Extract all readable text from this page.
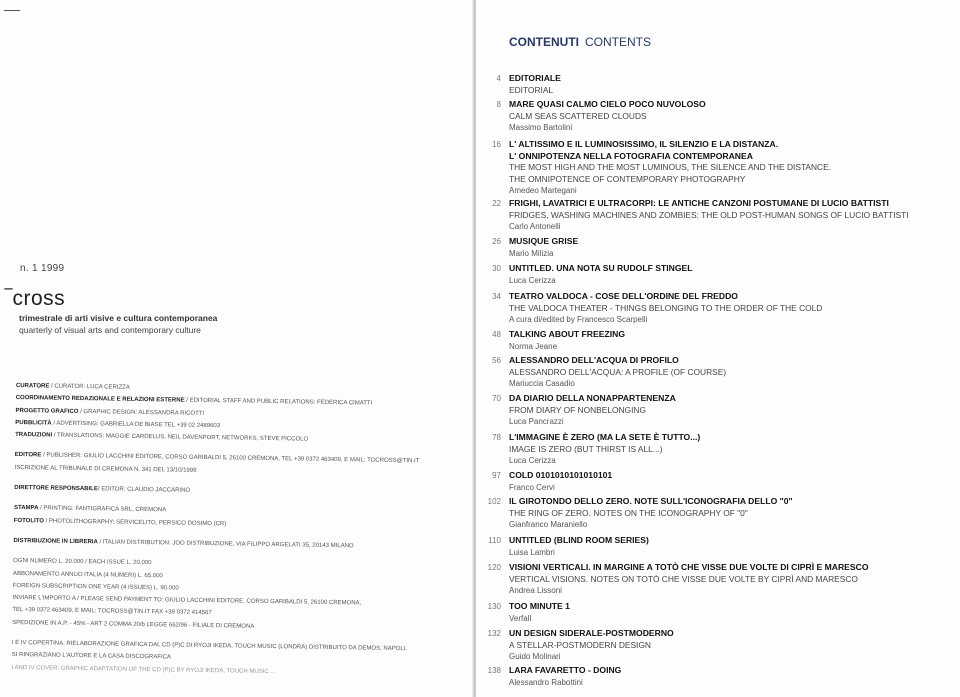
n. 1 1999
‾cross
trimestrale di arti visive e cultura contemporanea
quarterly of visual arts and contemporary culture
CURATORE / CURATOR: LUCA CERIZZA
COORDINAMENTO REDAZIONALE E RELAZIONI ESTERNE / EDITORIAL STAFF AND PUBLIC RELATIONS: FEDERICA CIMATTI
PROGETTO GRAFICO / GRAPHIC DESIGN: ALESSANDRA RICOTTI
PUBBLICITÀ / ADVERTISING: GABRIELLA DE BIASE TEL +39 02 2489603
TRADUZIONI / TRANSLATIONS: MAGGIE CARDELUS, NEIL DAVENPORT, NETWORKS, STEVE PICCOLO
EDITORE / PUBLISHER: GIULIO LACCHINI EDITORE, CORSO GARIBALDI 5, 26100 CREMONA, TEL +39 0372 463409, E MAIL: TOCROSS@TIN.IT
ISCRIZIONE AL TRIBUNALE DI CREMONA N. 341 DEL 13/10/1998
DIRETTORE RESPONSABILE/ EDITOR: CLAUDIO JACCARINO
STAMPA / PRINTING: FANTIGRAFICA SRL, CREMONA
FOTOLITO / PHOTOLITHOGRAPHY: SERVICELITO, PERSICO DOSIMO (CR)
DISTRIBUZIONE IN LIBRERIA / ITALIAN DISTRIBUTION: JOO DISTRIBUZIONE, VIA FILIPPO ARGELATI 35, 20143 MILANO
OGNI NUMERO L. 20.000 / EACH ISSUE L. 20.000
ABBONAMENTO ANNUO ITALIA (4 NUMERI) L. 65.000
FOREIGN SUBSCRIPTION ONE YEAR (4 ISSUES) L. 90.000
INVIARE L'IMPORTO A / PLEASE SEND PAYMENT TO: GIULIO LACCHINI EDITORE, CORSO GARIBALDI 5, 26100 CREMONA,
TEL +39 0372 463409, E MAIL: TOCROSS@TIN.IT FAX +39 0372 414567
SPEDIZIONE IN A.P. - 45% - ART 2 COMMA 20/b LEGGE 662/96 - FILIALE DI CREMONA
I E IV COPERTINA: RIELABORAZIONE GRAFICA DAL CD (P)C DI RYOJI IKEDA, TOUCH MUSIC (LONDRA) DISTRIBUITO DA DEMOS, NAPOLI.
SI RINGRAZIANO L'AUTORE E LA CASA DISCOGRAFICA
I AND IV COVER: GRAPHIC ADAPTATION OF THE CD (P)C BY RYOJI IKEDA, TOUCH MUSIC ...
CONTENUTI CONTENTS
4 EDITORIALE
EDITORIAL
8 MARE QUASI CALMO CIELO POCO NUVOLOSO
CALM SEAS SCATTERED CLOUDS
Massimo Bartolini
16 L' ALTISSIMO E IL LUMINOSISSIMO, IL SILENZIO E LA DISTANZA.
L' ONNIPOTENZA NELLA FOTOGRAFIA CONTEMPORANEA
THE MOST HIGH AND THE MOST LUMINOUS, THE SILENCE AND THE DISTANCE.
THE OMNIPOTENCE OF CONTEMPORARY PHOTOGRAPHY
Amedeo Martegani
22 FRIGHI, LAVATRICI E ULTRACORPI: LE ANTICHE CANZONI POSTUMANE DI LUCIO BATTISTI
FRIDGES, WASHING MACHINES AND ZOMBIES: THE OLD POST-HUMAN SONGS OF LUCIO BATTISTI
Carlo Antonelli
26 MUSIQUE GRISE
Mario Milizia
30 UNTITLED. UNA NOTA SU RUDOLF STINGEL
Luca Cerizza
34 TEATRO VALDOCA - COSE DELL'ORDINE DEL FREDDO
THE VALDOCA THEATER - THINGS BELONGING TO THE ORDER OF THE COLD
A cura di/edited by Francesco Scarpelli
48 TALKING ABOUT FREEZING
Norma Jeane
56 ALESSANDRO DELL'ACQUA DI PROFILO
ALESSANDRO DELL'ACQUA: A PROFILE (OF COURSE)
Mariuccia Casadio
70 DA DIARIO DELLA NONAPPARTENENZA
FROM DIARY OF NONBELONGING
Luca Pancrazzi
78 L'IMMAGINE È ZERO (MA LA SETE È TUTTO...)
IMAGE IS ZERO (BUT THIRST IS ALL...)
Luca Cerizza
97 COLD 0101010101010101
Franco Cervi
102 IL GIROTONDO DELLO ZERO. NOTE SULL'ICONOGRAFIA DELLO "0"
THE RING OF ZERO. NOTES ON THE ICONOGRAPHY OF "0"
Gianfranco Maraniello
110 UNTITLED (BLIND ROOM SERIES)
Luisa Lambri
120 VISIONI VERTICALI. IN MARGINE A TOTÒ CHE VISSE DUE VOLTE DI CIPRÌ E MARESCO
VERTICAL VISIONS. NOTES ON TOTÒ CHE VISSE DUE VOLTE BY CIPRÌ AND MARESCO
Andrea Lissoni
130 TOO MINUTE 1
Verfall
132 UN DESIGN SIDERALE-POSTMODERNO
A STELLAR-POSTMODERN DESIGN
Guido Molinari
138 LARA FAVARETTO - DOING
Alessandro Rabottini
